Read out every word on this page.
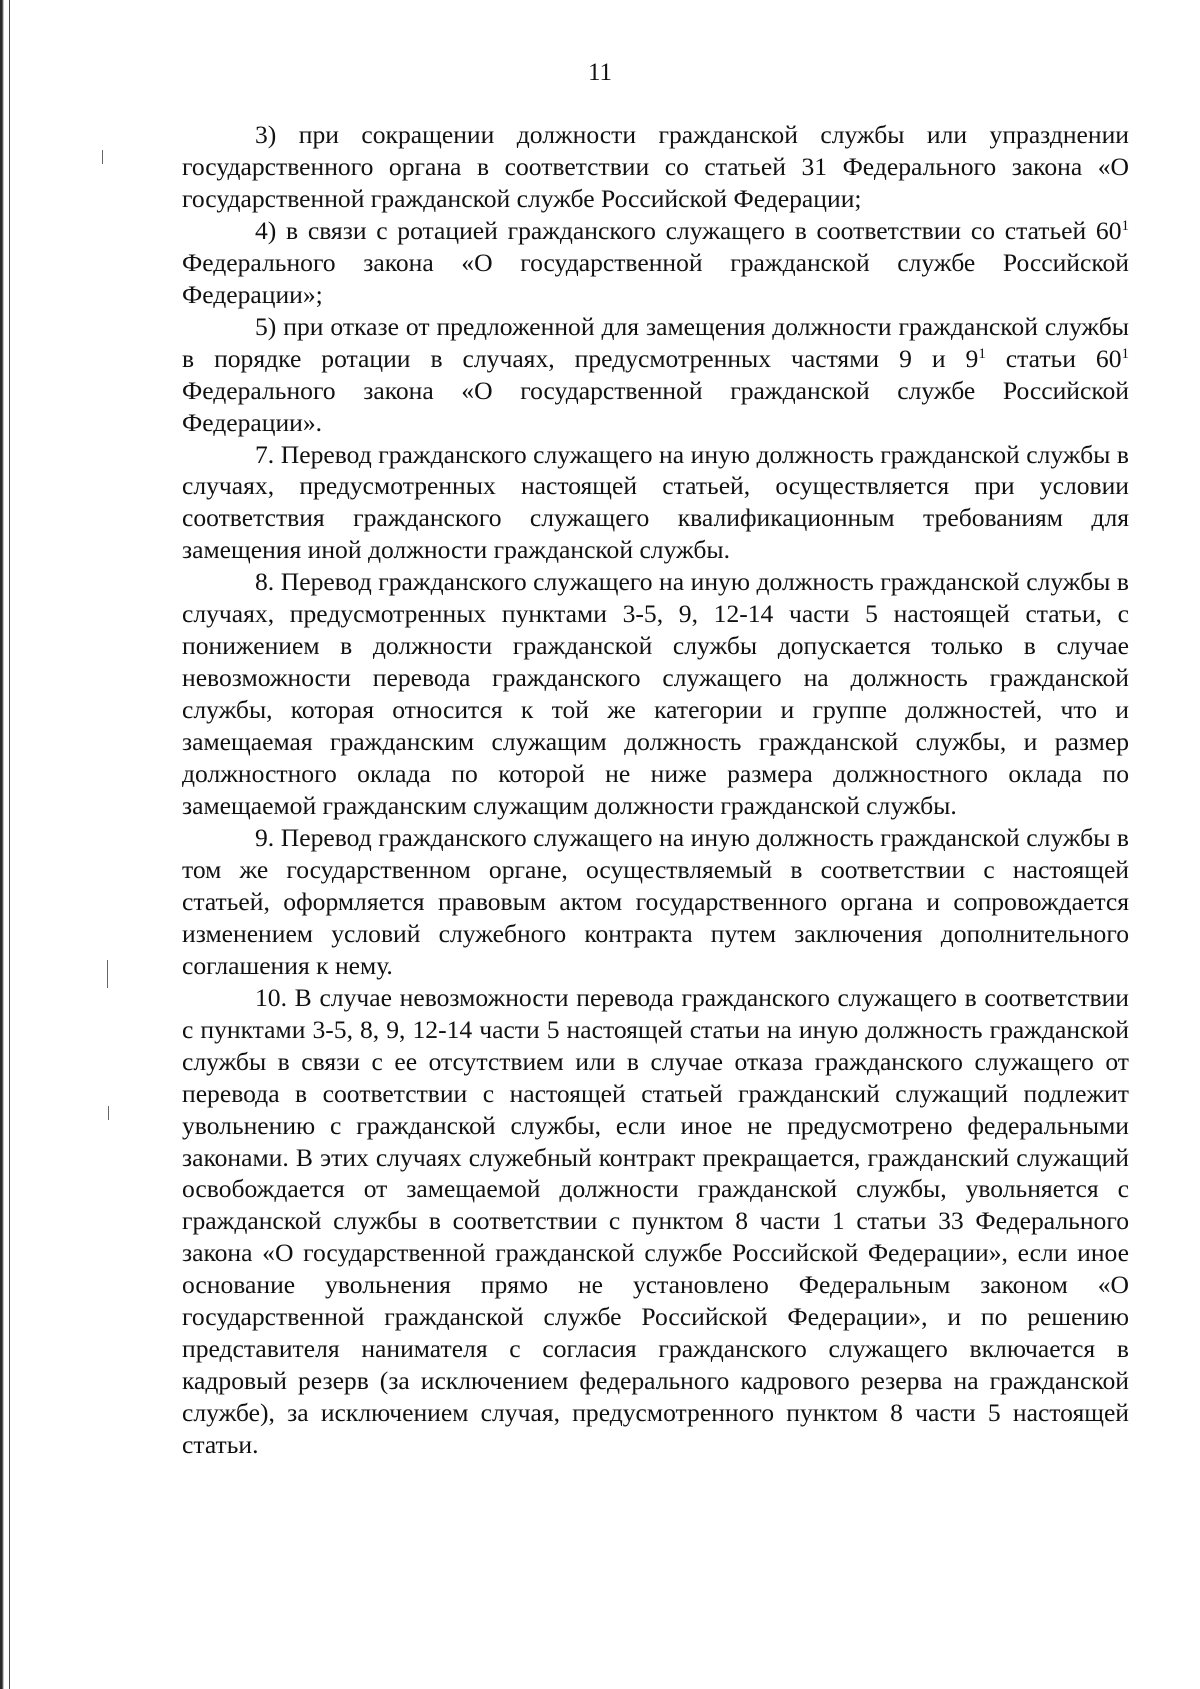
11

3) при сокращении должности гражданской службы или упразднении государственного органа в соответствии со статьей 31 Федерального закона «О государственной гражданской службе Российской Федерации;

4) в связи с ротацией гражданского служащего в соответствии со статьей $60^1$ Федерального закона «О государственной гражданской службе Российской Федерации»;

5) при отказе от предложенной для замещения должности гражданской службы в порядке ротации в случаях, предусмотренных частями 9 и $9^1$ статьи $60^1$ Федерального закона «О государственной гражданской службе Российской Федерации».

7. Перевод гражданского служащего на иную должность гражданской службы в случаях, предусмотренных настоящей статьей, осуществляется при условии соответствия гражданского служащего квалификационным требованиям для замещения иной должности гражданской службы.

8. Перевод гражданского служащего на иную должность гражданской службы в случаях, предусмотренных пунктами 3-5, 9, 12-14 части 5 настоящей статьи, с понижением в должности гражданской службы допускается только в случае невозможности перевода гражданского служащего на должность гражданской службы, которая относится к той же категории и группе должностей, что и замещаемая гражданским служащим должность гражданской службы, и размер должностного оклада по которой не ниже размера должностного оклада по замещаемой гражданским служащим должности гражданской службы.

9. Перевод гражданского служащего на иную должность гражданской службы в том же государственном органе, осуществляемый в соответствии с настоящей статьей, оформляется правовым актом государственного органа и сопровождается изменением условий служебного контракта путем заключения дополнительного соглашения к нему.

10. В случае невозможности перевода гражданского служащего в соответствии с пунктами 3-5, 8, 9, 12-14 части 5 настоящей статьи на иную должность гражданской службы в связи с ее отсутствием или в случае отказа гражданского служащего от перевода в соответствии с настоящей статьей гражданский служащий подлежит увольнению с гражданской службы, если иное не предусмотрено федеральными законами. В этих случаях служебный контракт прекращается, гражданский служащий освобождается от замещаемой должности гражданской службы, увольняется с гражданской службы в соответствии с пунктом 8 части 1 статьи 33 Федерального закона «О государственной гражданской службе Российской Федерации», если иное основание увольнения прямо не установлено Федеральным законом «О государственной гражданской службе Российской Федерации», и по решению представителя нанимателя с согласия гражданского служащего включается в кадровый резерв (за исключением федерального кадрового резерва на гражданской службе), за исключением случая, предусмотренного пунктом 8 части 5 настоящей статьи.
